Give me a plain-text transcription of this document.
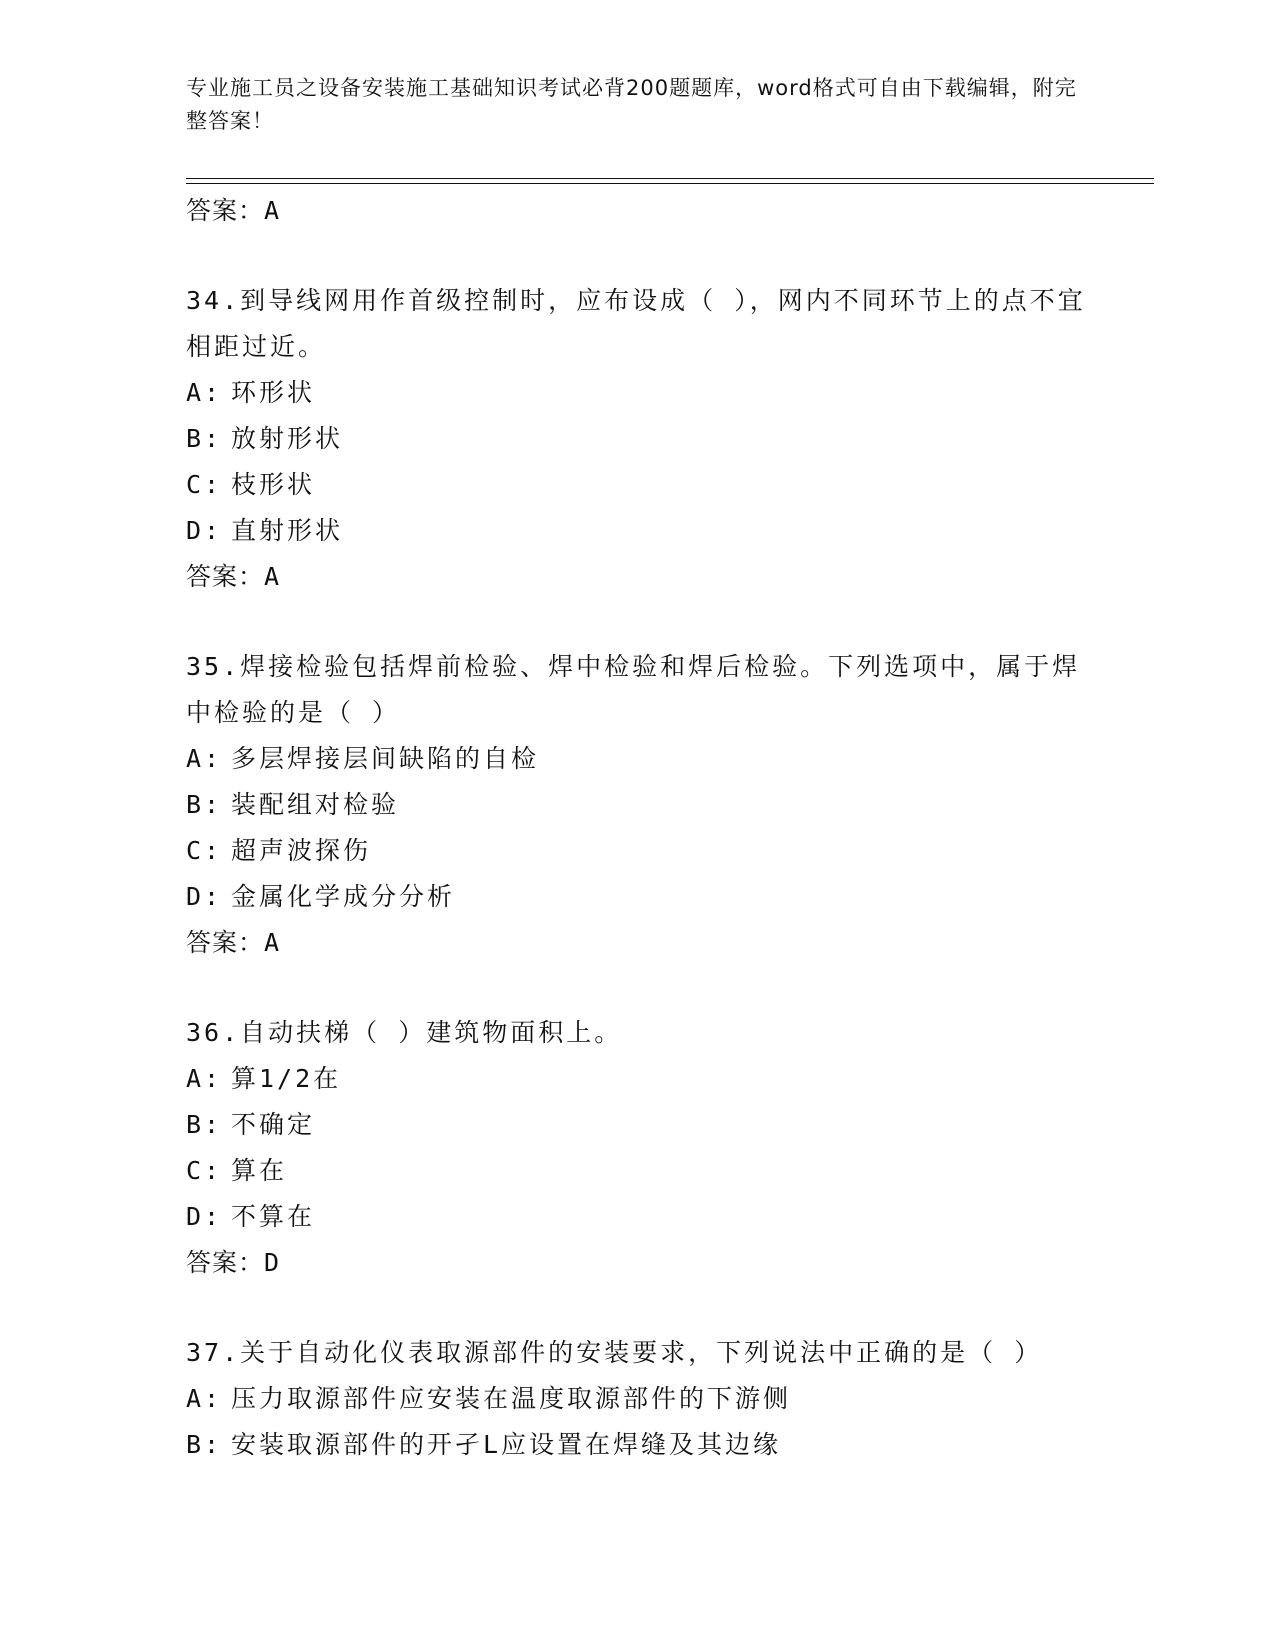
专业施工员之设备安装施工基础知识考试必背200题题库，word格式可自由下载编辑，附完整答案！
答案：A
34.到导线网用作首级控制时，应布设成（ ），网内不同环节上的点不宜相距过近。
A: 环形状
B: 放射形状
C: 枝形状
D: 直射形状
答案：A
35.焊接检验包括焊前检验、焊中检验和焊后检验。下列选项中，属于焊中检验的是（ ）
A: 多层焊接层间缺陷的自检
B: 装配组对检验
C: 超声波探伤
D: 金属化学成分分析
答案：A
36.自动扶梯（ ）建筑物面积上。
A: 算1/2在
B: 不确定
C: 算在
D: 不算在
答案：D
37.关于自动化仪表取源部件的安装要求，下列说法中正确的是（ ）
A: 压力取源部件应安装在温度取源部件的下游侧
B: 安装取源部件的开孑L应设置在焊缝及其边缘
